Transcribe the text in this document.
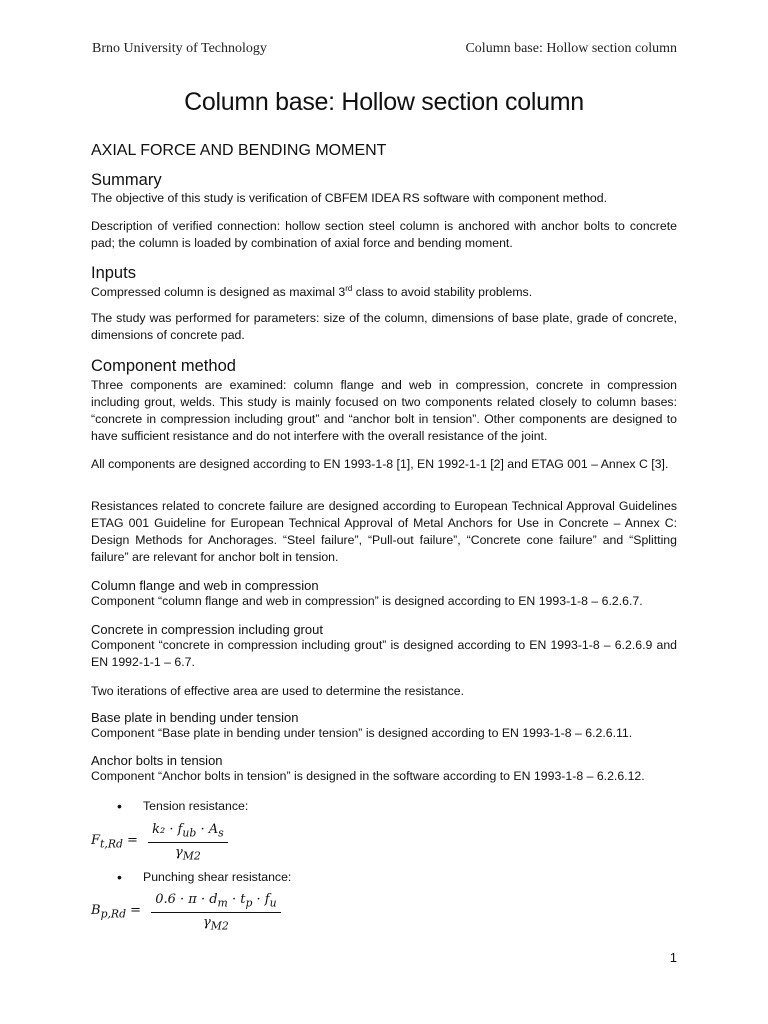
Brno University of Technology	Column base: Hollow section column
Column base: Hollow section column
AXIAL FORCE AND BENDING MOMENT
Summary

The objective of this study is verification of CBFEM IDEA RS software with component method.

Description of verified connection: hollow section steel column is anchored with anchor bolts to concrete pad; the column is loaded by combination of axial force and bending moment.

Inputs

Compressed column is designed as maximal 3rd class to avoid stability problems.

The study was performed for parameters: size of the column, dimensions of base plate, grade of concrete, dimensions of concrete pad.

Component method

Three components are examined: column flange and web in compression, concrete in compression including grout, welds. This study is mainly focused on two components related closely to column bases: “concrete in compression including grout” and “anchor bolt in tension”. Other components are designed to have sufficient resistance and do not interfere with the overall resistance of the joint.

All components are designed according to EN 1993-1-8 [1], EN 1992-1-1 [2] and ETAG 001 – Annex C [3].

Resistances related to concrete failure are designed according to European Technical Approval Guidelines ETAG 001 Guideline for European Technical Approval of Metal Anchors for Use in Concrete – Annex C: Design Methods for Anchorages. “Steel failure”, “Pull-out failure”, “Concrete cone failure” and “Splitting failure” are relevant for anchor bolt in tension.

Column flange and web in compression

Component “column flange and web in compression” is designed according to EN 1993-1-8 – 6.2.6.7.

Concrete in compression including grout

Component “concrete in compression including grout” is designed according to EN 1993-1-8 – 6.2.6.9 and EN 1992-1-1 – 6.7.

Two iterations of effective area are used to determine the resistance.

Base plate in bending under tension

Component “Base plate in bending under tension” is designed according to EN 1993-1-8 – 6.2.6.11.

Anchor bolts in tension

Component “Anchor bolts in tension” is designed in the software according to EN 1993-1-8 – 6.2.6.12.

• Tension resistance:
$F_{t,Rd} = \frac{k_2 \cdot f_{ub} \cdot A_s}{\gamma_{M2}}$
• Punching shear resistance:
$B_{p,Rd} = \frac{0.6 \cdot \pi \cdot d_m \cdot t_p \cdot f_u}{\gamma_{M2}}$
1
